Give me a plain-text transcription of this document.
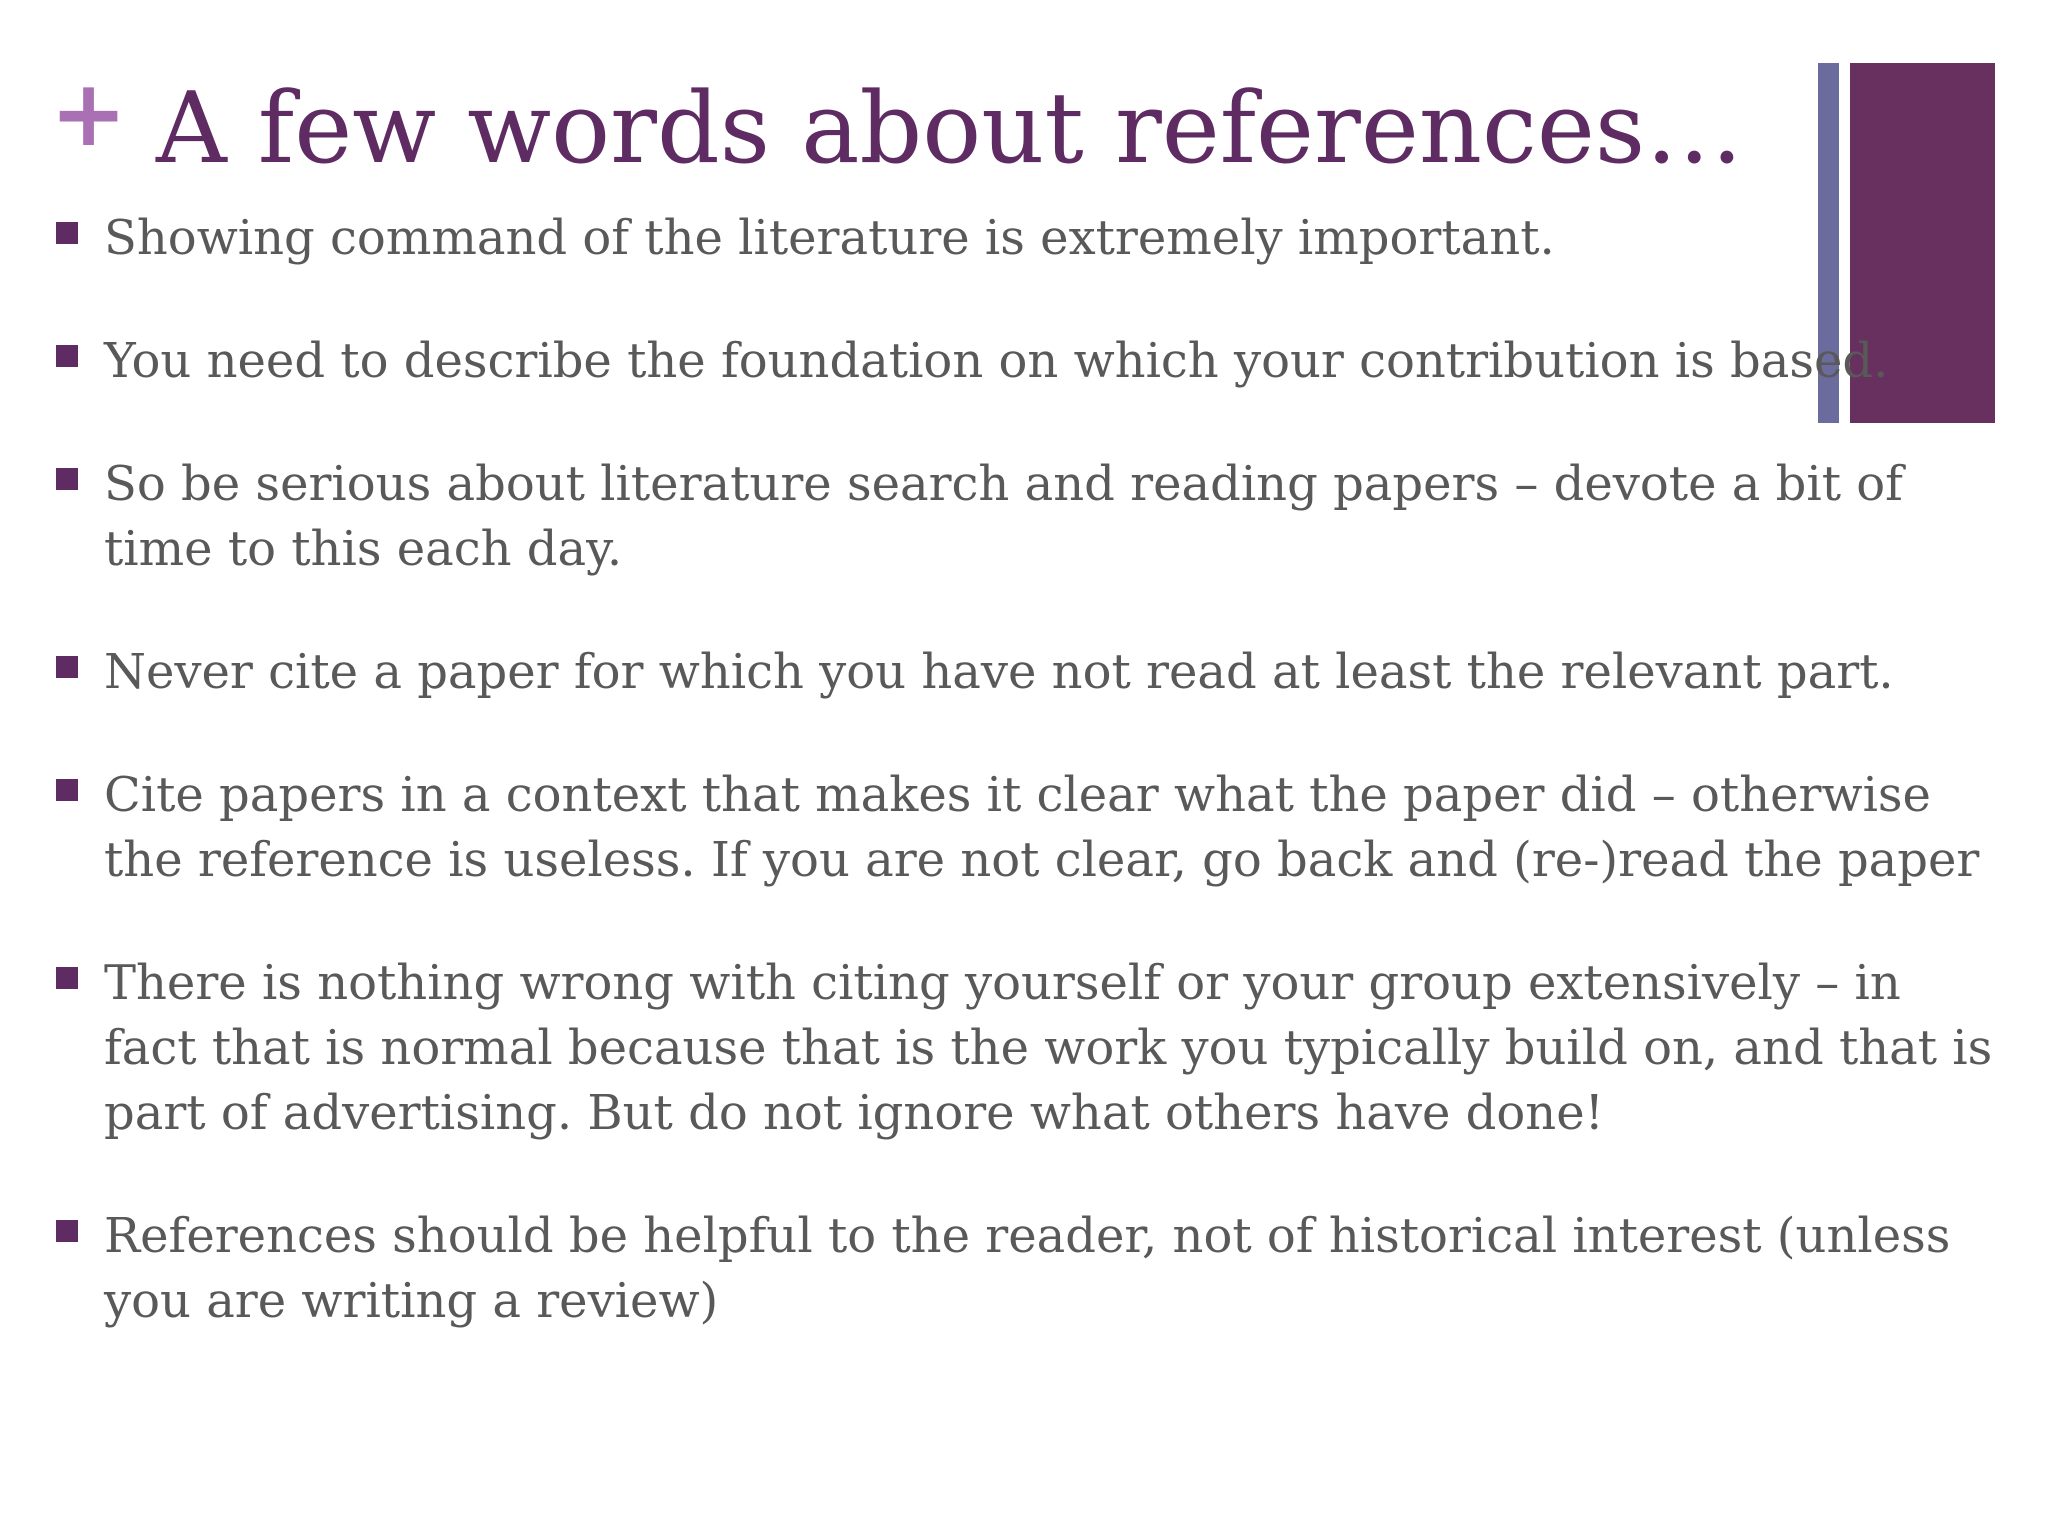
+ A few words about references…
Showing command of the literature is extremely important.
You need to describe the foundation on which your contribution is based.
So be serious about literature search and reading papers – devote a bit of
time to this each day.
Never cite a paper for which you have not read at least the relevant part.
Cite papers in a context that makes it clear what the paper did – otherwise
the reference is useless. If you are not clear, go back and (re-)read the paper
There is nothing wrong with citing yourself or your group extensively – in
fact that is normal because that is the work you typically build on, and that is
part of advertising. But do not ignore what others have done!
References should be helpful to the reader, not of historical interest (unless
you are writing a review)
